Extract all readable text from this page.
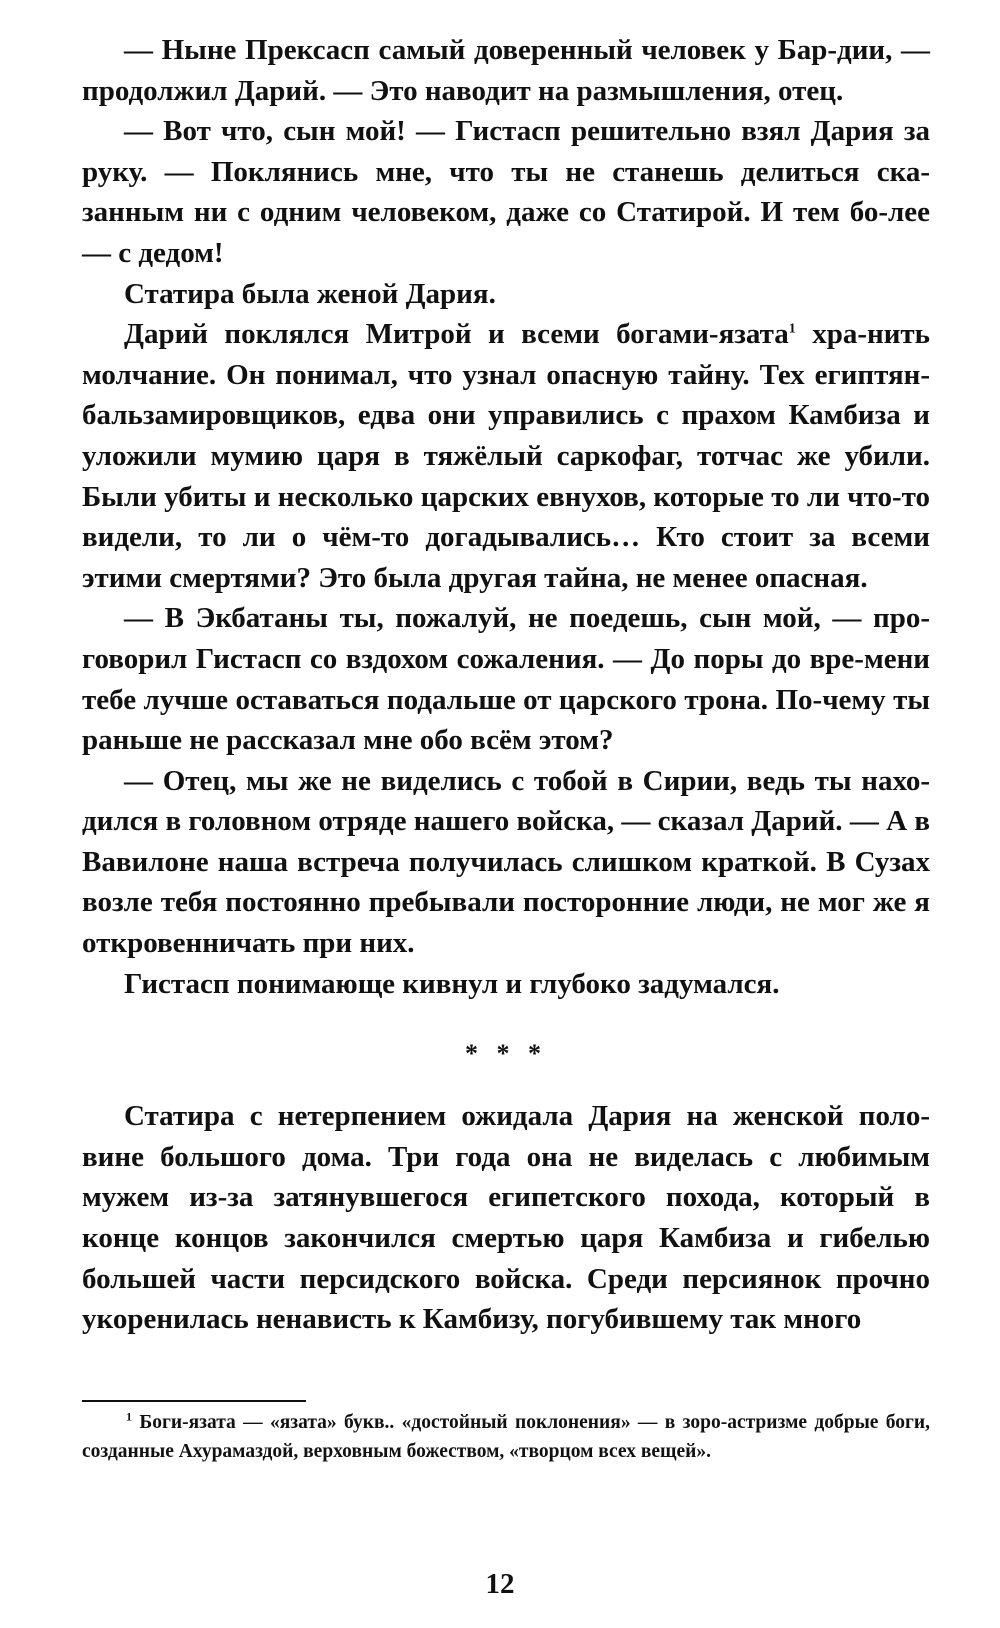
— Ныне Прексасп самый доверенный человек у Бар-дии, — продолжил Дарий. — Это наводит на размышления, отец.

— Вот что, сын мой! — Гистасп решительно взял Дария за руку. — Поклянись мне, что ты не станешь делиться ска-занным ни с одним человеком, даже со Статирой. И тем бо-лее — с дедом!

Статира была женой Дария.

Дарий поклялся Митрой и всеми богами-язата$^1$ хра-нить молчание. Он понимал, что узнал опасную тайну. Тех египтян-бальзамировщиков, едва они управились с прахом Камбиза и уложили мумию царя в тяжёлый саркофаг, тотчас же убили. Были убиты и несколько царских евнухов, которые то ли что-то видели, то ли о чём-то догадывались… Кто стоит за всеми этими смертями? Это была другая тайна, не менее опасная.

— В Экбатаны ты, пожалуй, не поедешь, сын мой, — про-говорил Гистасп со вздохом сожаления. — До поры до вре-мени тебе лучше оставаться подальше от царского трона. По-чему ты раньше не рассказал мне обо всём этом?

— Отец, мы же не виделись с тобой в Сирии, ведь ты нахо-дился в головном отряде нашего войска, — сказал Дарий. — А в Вавилоне наша встреча получилась слишком краткой. В Сузах возле тебя постоянно пребывали посторонние люди, не мог же я откровенничать при них.

Гистасп понимающе кивнул и глубоко задумался.

* * *

Статира с нетерпением ожидала Дария на женской поло-вине большого дома. Три года она не виделась с любимым мужем из-за затянувшегося египетского похода, который в конце концов закончился смертью царя Камбиза и гибелью большей части персидского войска. Среди персиянок прочно укоренилась ненависть к Камбизу, погубившему так много

$^1$ Боги-язата — «язата» букв.. «достойный поклонения» — в зоро-астризме добрые боги, созданные Ахурамаздой, верховным божеством, «творцом всех вещей».

12
